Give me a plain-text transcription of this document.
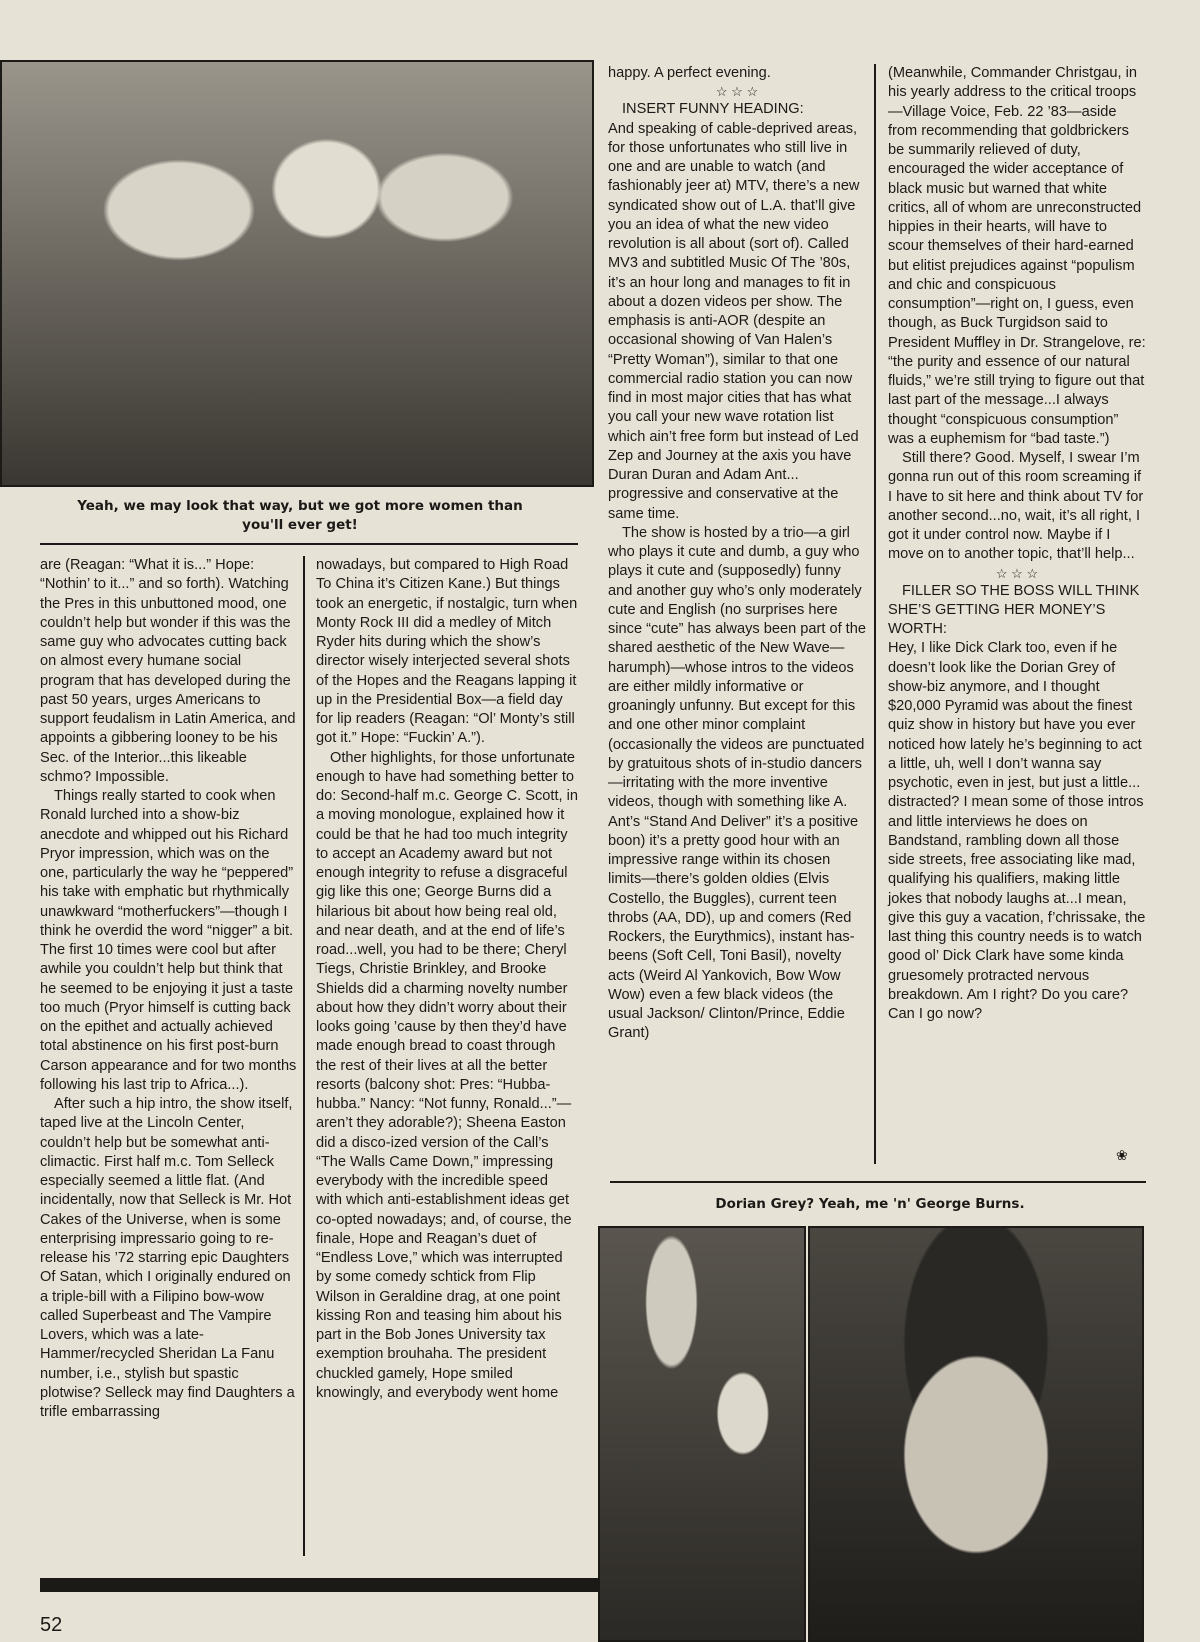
Yeah, we may look that way, but we got more women than
you'll ever get!

are (Reagan: “What it is...” Hope: “Nothin’ to it...” and so forth). Watching the Pres in this unbuttoned mood, one couldn’t help but wonder if this was the same guy who advocates cutting back on almost every humane social program that has developed during the past 50 years, urges Americans to support feudalism in Latin America, and appoints a gibbering looney to be his Sec. of the Interior...this likeable schmo? Impossible.

Things really started to cook when Ronald lurched into a show-biz anecdote and whipped out his Richard Pryor impression, which was on the one, particularly the way he “peppered” his take with emphatic but rhythmically unawkward “motherfuckers”—though I think he overdid the word “nigger” a bit. The first 10 times were cool but after awhile you couldn’t help but think that he seemed to be enjoying it just a taste too much (Pryor himself is cutting back on the epithet and actually achieved total abstinence on his first post-burn Carson appearance and for two months following his last trip to Africa...).

After such a hip intro, the show itself, taped live at the Lincoln Center, couldn’t help but be somewhat anti-climactic. First half m.c. Tom Selleck especially seemed a little flat. (And incidentally, now that Selleck is Mr. Hot Cakes of the Universe, when is some enterprising impressario going to re-release his ’72 starring epic Daughters Of Satan, which I originally endured on a triple-bill with a Filipino bow-wow called Superbeast and The Vampire Lovers, which was a late-Hammer/recycled Sheridan La Fanu number, i.e., stylish but spastic plotwise? Selleck may find Daughters a trifle embarrassing

nowadays, but compared to High Road To China it’s Citizen Kane.) But things took an energetic, if nostalgic, turn when Monty Rock III did a medley of Mitch Ryder hits during which the show’s director wisely interjected several shots of the Hopes and the Reagans lapping it up in the Presidential Box—a field day for lip readers (Reagan: “Ol’ Monty’s still got it.” Hope: “Fuckin’ A.”).

Other highlights, for those unfortunate enough to have had something better to do: Second-half m.c. George C. Scott, in a moving monologue, explained how it could be that he had too much integrity to accept an Academy award but not enough integrity to refuse a disgraceful gig like this one; George Burns did a hilarious bit about how being real old, and near death, and at the end of life’s road...well, you had to be there; Cheryl Tiegs, Christie Brinkley, and Brooke Shields did a charming novelty number about how they didn’t worry about their looks going ’cause by then they’d have made enough bread to coast through the rest of their lives at all the better resorts (balcony shot: Pres: “Hubba-hubba.” Nancy: “Not funny, Ronald...”—aren’t they adorable?); Sheena Easton did a disco-ized version of the Call’s “The Walls Came Down,” impressing everybody with the incredible speed with which anti-establishment ideas get co-opted nowadays; and, of course, the finale, Hope and Reagan’s duet of “Endless Love,” which was interrupted by some comedy schtick from Flip Wilson in Geraldine drag, at one point kissing Ron and teasing him about his part in the Bob Jones University tax exemption brouhaha. The president chuckled gamely, Hope smiled knowingly, and everybody went home

52

happy. A perfect evening.

☆ ☆ ☆

INSERT FUNNY HEADING:

And speaking of cable-deprived areas, for those unfortunates who still live in one and are unable to watch (and fashionably jeer at) MTV, there’s a new syndicated show out of L.A. that’ll give you an idea of what the new video revolution is all about (sort of). Called MV3 and subtitled Music Of The ’80s, it’s an hour long and manages to fit in about a dozen videos per show. The emphasis is anti-AOR (despite an occasional showing of Van Halen’s “Pretty Woman”), similar to that one commercial radio station you can now find in most major cities that has what you call your new wave rotation list which ain’t free form but instead of Led Zep and Journey at the axis you have Duran Duran and Adam Ant... progressive and conservative at the same time.

The show is hosted by a trio—a girl who plays it cute and dumb, a guy who plays it cute and (supposedly) funny and another guy who’s only moderately cute and English (no surprises here since “cute” has always been part of the shared aesthetic of the New Wave—harumph)—whose intros to the videos are either mildly informative or groaningly unfunny. But except for this and one other minor complaint (occasionally the videos are punctuated by gratuitous shots of in-studio dancers—irritating with the more inventive videos, though with something like A. Ant’s “Stand And Deliver” it’s a positive boon) it’s a pretty good hour with an impressive range within its chosen limits—there’s golden oldies (Elvis Costello, the Buggles), current teen throbs (AA, DD), up and comers (Red Rockers, the Eurythmics), instant has-beens (Soft Cell, Toni Basil), novelty acts (Weird Al Yankovich, Bow Wow Wow) even a few black videos (the usual Jackson/ Clinton/Prince, Eddie Grant)

(Meanwhile, Commander Christgau, in his yearly address to the critical troops—Village Voice, Feb. 22 ’83—aside from recommending that goldbrickers be summarily relieved of duty, encouraged the wider acceptance of black music but warned that white critics, all of whom are unreconstructed hippies in their hearts, will have to scour themselves of their hard-earned but elitist prejudices against “populism and chic and conspicuous consumption”—right on, I guess, even though, as Buck Turgidson said to President Muffley in Dr. Strangelove, re: “the purity and essence of our natural fluids,” we’re still trying to figure out that last part of the message...I always thought “conspicuous consumption” was a euphemism for “bad taste.”)

Still there? Good. Myself, I swear I’m gonna run out of this room screaming if I have to sit here and think about TV for another second...no, wait, it’s all right, I got it under control now. Maybe if I move on to another topic, that’ll help...

☆ ☆ ☆

FILLER SO THE BOSS WILL THINK SHE’S GETTING HER MONEY’S WORTH:

Hey, I like Dick Clark too, even if he doesn’t look like the Dorian Grey of show-biz anymore, and I thought $20,000 Pyramid was about the finest quiz show in history but have you ever noticed how lately he’s beginning to act a little, uh, well I don’t wanna say psychotic, even in jest, but just a little... distracted? I mean some of those intros and little interviews he does on Bandstand, rambling down all those side streets, free associating like mad, qualifying his qualifiers, making little jokes that nobody laughs at...I mean, give this guy a vacation, f’chrissake, the last thing this country needs is to watch good ol’ Dick Clark have some kinda gruesomely protracted nervous breakdown. Am I right? Do you care? Can I go now?

❀
Dorian Grey? Yeah, me 'n' George Burns.
